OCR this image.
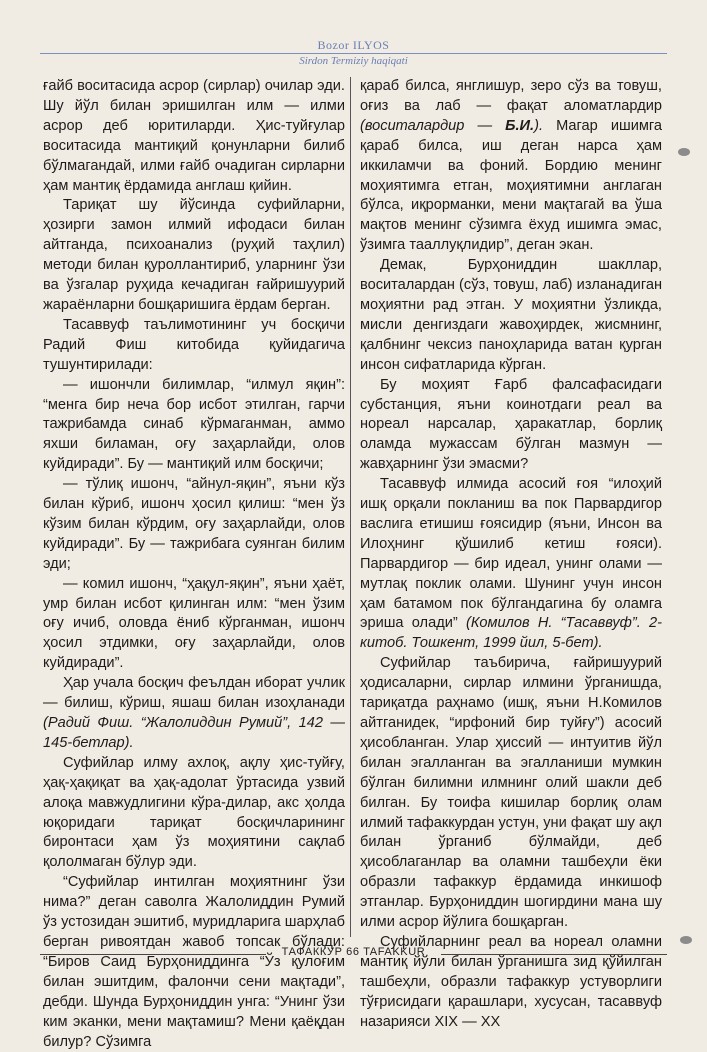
Bozor ILYOS
Sirdon Termiziy haqiqati

ғайб воситасида асрор (сирлар) очилар эди. Шу йўл билан эришилган илм — илми асрор деб юритиларди. Ҳис-туйғулар воситасида мантиқий қонунларни билиб бўлмагандай, илми ғайб очадиган сирларни ҳам мантиқ ёрдамида англаш қийин.

Тариқат шу йўсинда суфийларни, ҳозирги замон илмий ифодаси билан айтганда, психоанализ (руҳий таҳлил) методи билан қуроллантириб, уларнинг ўзи ва ўзгалар руҳида кечадиган ғайришуурий жараёнларни бошқаришига ёрдам берган.

Тасаввуф таълимотининг уч босқичи Радий Фиш китобида қуйидагича тушунтирилади:

— ишончли билимлар, “илмул яқин”: “менга бир неча бор исбот этилган, гарчи тажрибамда синаб кўрмаганман, аммо яхши биламан, оғу заҳарлайди, олов куйдиради”. Бу — мантиқий илм босқичи;

— тўлиқ ишонч, “айнул-яқин”, яъни кўз билан кўриб, ишонч ҳосил қилиш: “мен ўз кўзим билан кўрдим, оғу заҳарлайди, олов куйдиради”. Бу — тажрибага суянган билим эди;

— комил ишонч, “ҳақул-яқин”, яъни ҳаёт, умр билан исбот қилинган илм: “мен ўзим оғу ичиб, оловда ёниб кўрганман, ишонч ҳосил этдимки, оғу заҳарлайди, олов куйдиради”.

Ҳар учала босқич феълдан иборат учлик — билиш, кўриш, яшаш билан изоҳланади (Радий Фиш. “Жалолиддин Румий”, 142 — 145-бетлар).

Суфийлар илму ахлоқ, ақлу ҳис-туйғу, ҳақ-ҳақиқат ва ҳақ-адолат ўртасида узвий алоқа мавжудлигини кўра-дилар, акс ҳолда юқоридаги тариқат босқичларининг биронтаси ҳам ўз моҳиятини сақлаб қололмаган бўлур эди.

“Суфийлар интилган моҳиятнинг ўзи нима?” деган саволга Жалолиддин Румий ўз устозидан эшитиб, муридларига шарҳлаб берган ривоятдан жавоб топсак бўлади: “Биров Саид Бурҳониддинга “Ўз қулоғим билан эшитдим, фалончи сени мақтади”, дебди. Шунда Бурҳониддин унга: “Унинг ўзи ким эканки, мени мақтамиш? Мени қаёқдан билур? Сўзимга

қараб билса, янглишур, зеро сўз ва товуш, оғиз ва лаб — фақат аломатлардир (воситалардир — Б.И.). Магар ишимга қараб билса, иш деган нарса ҳам иккиламчи ва фоний. Бордию менинг моҳиятимга етган, моҳиятимни англаган бўлса, иқрорманки, мени мақтагай ва ўша мақтов менинг сўзимга ёхуд ишимга эмас, ўзимга тааллуқлидир”, деган экан.

Демак, Бурҳониддин шакллар, воситалардан (сўз, товуш, лаб) изланадиган моҳиятни рад этган. У моҳиятни ўзликда, мисли денгиздаги жавоҳирдек, жисмнинг, қалбнинг чексиз паноҳларида ватан қурган инсон сифатларида кўрган.

Бу моҳият Ғарб фалсафасидаги субстанция, яъни коинотдаги реал ва нореал нарсалар, ҳаракатлар, борлиқ оламда мужассам бўлган мазмун — жавҳарнинг ўзи эмасми?

Тасаввуф илмида асосий ғоя “илоҳий ишқ орқали покланиш ва пок Парвардигор васлига етишиш ғоясидир (яъни, Инсон ва Илоҳнинг қўшилиб кетиш ғояси). Парвардигор — бир идеал, унинг олами — мутлақ поклик олами. Шунинг учун инсон ҳам батамом пок бўлгандагина бу оламга эриша олади” (Комилов Н. “Тасаввуф”. 2-китоб. Тошкент, 1999 йил, 5-бет).

Суфийлар таъбирича, ғайришуурий ҳодисаларни, сирлар илмини ўрганишда, тариқатда раҳнамо (ишқ, яъни Н.Комилов айтганидек, “ирфоний бир туйғу”) асосий ҳисобланган. Улар ҳиссий — интуитив йўл билан эгалланган ва эгалланиши мумкин бўлган билимни илмнинг олий шакли деб билган. Бу тоифа кишилар борлиқ олам илмий тафаккурдан устун, уни фақат шу ақл билан ўрганиб бўлмайди, деб ҳисоблаганлар ва оламни ташбеҳли ёки образли тафаккур ёрдамида инкишоф этганлар. Бурҳониддин шогирдини мана шу илми асрор йўлига бошқарган.

Суфийларнинг реал ва нореал оламни мантиқ йўли билан ўрганишга зид қўйилган ташбеҳли, образли тафаккур устуворлиги тўғрисидаги қарашлари, хусусан, тасаввуф назарияси XIX — XX

ТАФАККУР 66 TAFAKKUR
